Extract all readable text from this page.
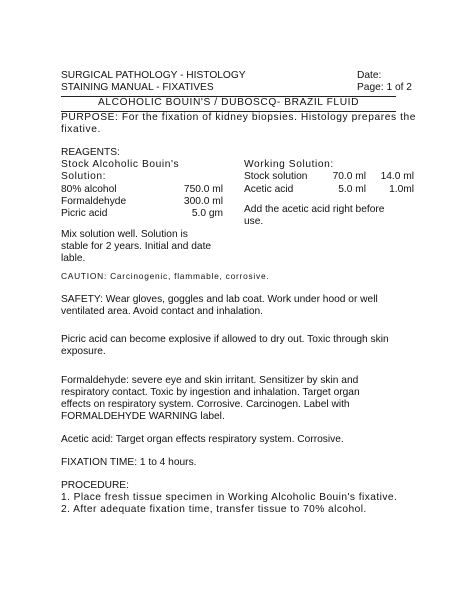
SURGICAL PATHOLOGY - HISTOLOGY
STAINING MANUAL - FIXATIVES
Date:
Page: 1 of 2
ALCOHOLIC BOUIN'S / DUBOSCQ- BRAZIL FLUID
PURPOSE: For the fixation of kidney biopsies. Histology prepares the
fixative.
REAGENTS:
Stock Alcoholic Bouin's
Solution:
80% alcohol	750.0 ml
Formaldehyde	300.0 ml
Picric acid	5.0 gm
Mix solution well. Solution is
stable for 2 years. Initial and date
lable.
Working Solution:
Stock solution 70.0 ml	14.0 ml
Acetic acid	5.0 ml	1.0ml
Add the acetic acid right before
use.
CAUTION: Carcinogenic, flammable, corrosive.
SAFETY: Wear gloves, goggles and lab coat. Work under hood or well
ventilated area. Avoid contact and inhalation.
Picric acid can become explosive if allowed to dry out. Toxic through skin
exposure.
Formaldehyde: severe eye and skin irritant. Sensitizer by skin and
respiratory contact. Toxic by ingestion and inhalation. Target organ
effects on respiratory system. Corrosive. Carcinogen. Label with
FORMALDEHYDE WARNING label.
Acetic acid: Target organ effects respiratory system. Corrosive.
FIXATION TIME: 1 to 4 hours.
PROCEDURE:
1. Place fresh tissue specimen in Working Alcoholic Bouin's fixative.
2. After adequate fixation time, transfer tissue to 70% alcohol.
